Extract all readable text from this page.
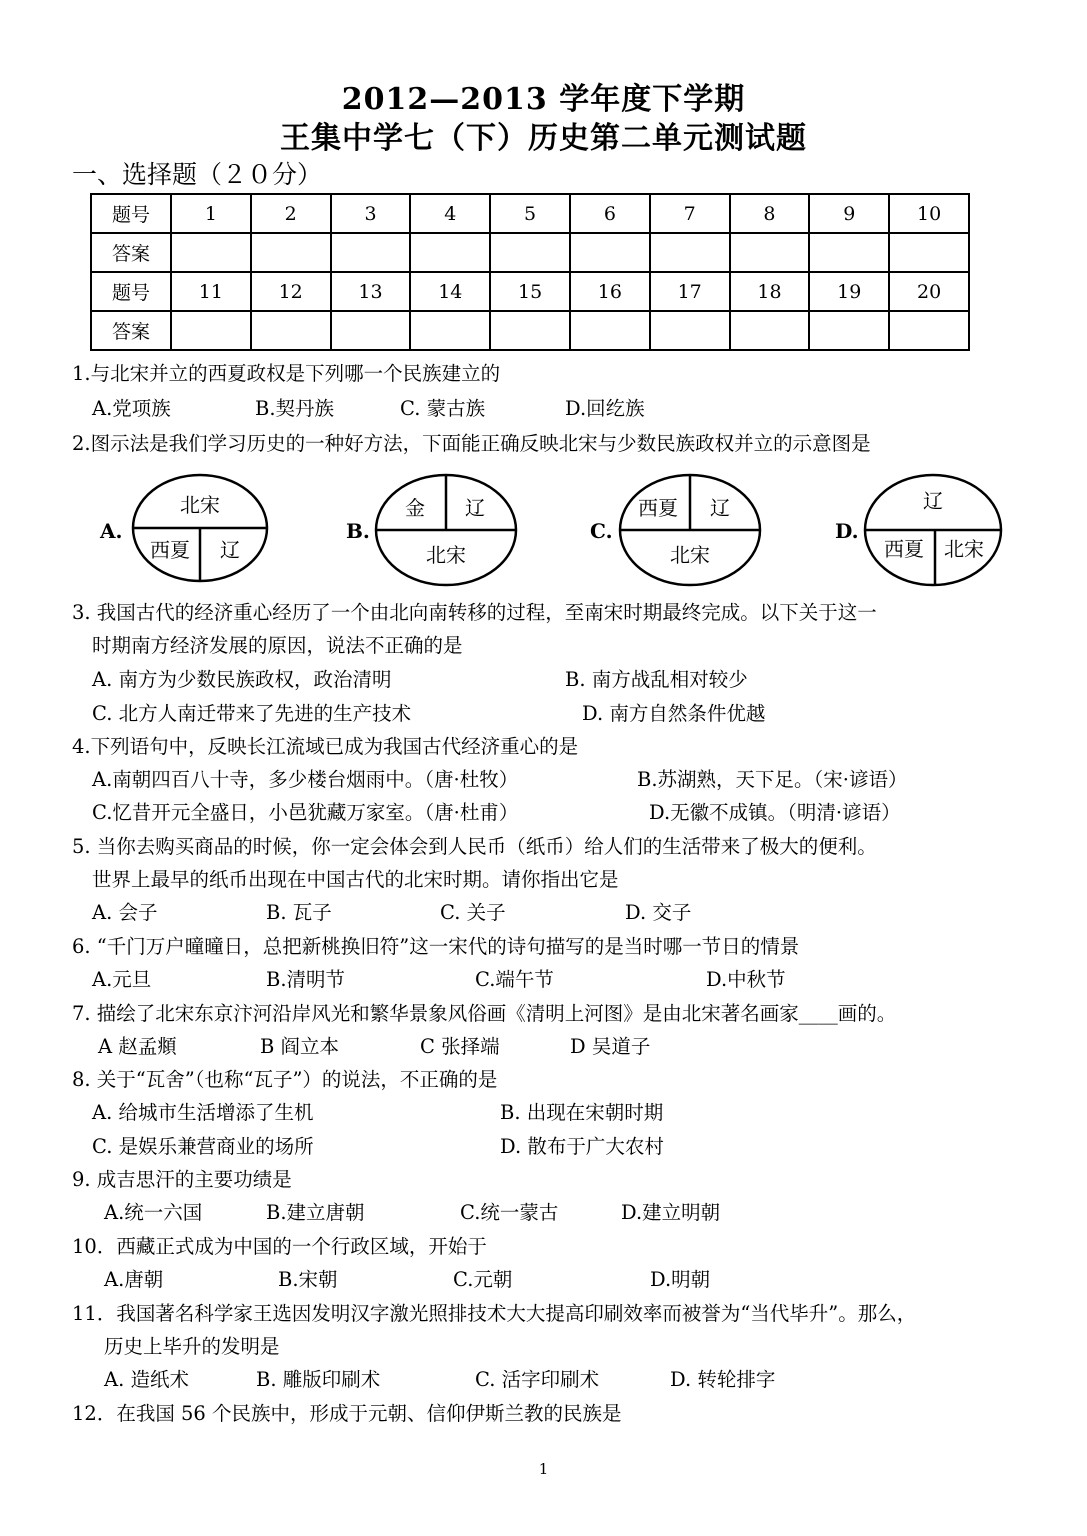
2012—2013 学年度下学期
王集中学七（下）历史第二单元测试题
一、选择题（２０分）
题号	1	2	3	4	5	6	7	8	9	10
答案										
题号	11	12	13	14	15	16	17	18	19	20
答案										
1.与北宋并立的西夏政权是下列哪一个民族建立的
A.党项族	B.契丹族	C. 蒙古族	D.回纥族
2.图示法是我们学习历史的一种好方法，下面能正确反映北宋与少数民族政权并立的示意图是
A.
北宋
西夏 辽
B.
金 辽
北宋
C.
西夏 辽
北宋
D.
辽
西夏 北宋
3. 我国古代的经济重心经历了一个由北向南转移的过程，至南宋时期最终完成。以下关于这一
时期南方经济发展的原因，说法不正确的是
A. 南方为少数民族政权，政治清明	B. 南方战乱相对较少
C. 北方人南迁带来了先进的生产技术	D. 南方自然条件优越
4.下列语句中，反映长江流域已成为我国古代经济重心的是
A.南朝四百八十寺，多少楼台烟雨中。（唐·杜牧）	B.苏湖熟，天下足。（宋·谚语）
C.忆昔开元全盛日，小邑犹藏万家室。（唐·杜甫）	D.无徽不成镇。（明清·谚语）
5. 当你去购买商品的时候，你一定会体会到人民币（纸币）给人们的生活带来了极大的便利。
世界上最早的纸币出现在中国古代的北宋时期。请你指出它是
A. 会子	B. 瓦子	C. 关子	D. 交子
6. “千门万户曈曈日，总把新桃换旧符”这一宋代的诗句描写的是当时哪一节日的情景
A.元旦	B.清明节	C.端午节	D.中秋节
7. 描绘了北宋东京汴河沿岸风光和繁华景象风俗画《清明上河图》是由北宋著名画家____画的。
A 赵孟頫	B 阎立本	C 张择端	D 吴道子
8. 关于“瓦舍”（也称“瓦子”）的说法，不正确的是
A. 给城市生活增添了生机	B. 出现在宋朝时期
C. 是娱乐兼营商业的场所	D. 散布于广大农村
9. 成吉思汗的主要功绩是
A.统一六国	B.建立唐朝	C.统一蒙古	D.建立明朝
10．西藏正式成为中国的一个行政区域，开始于
A.唐朝	B.宋朝	C.元朝	D.明朝
11．我国著名科学家王选因发明汉字激光照排技术大大提高印刷效率而被誉为“当代毕升”。那么，
历史上毕升的发明是
A. 造纸术	B. 雕版印刷术	C. 活字印刷术	D. 转轮排字
12．在我国 56 个民族中，形成于元朝、信仰伊斯兰教的民族是
1
